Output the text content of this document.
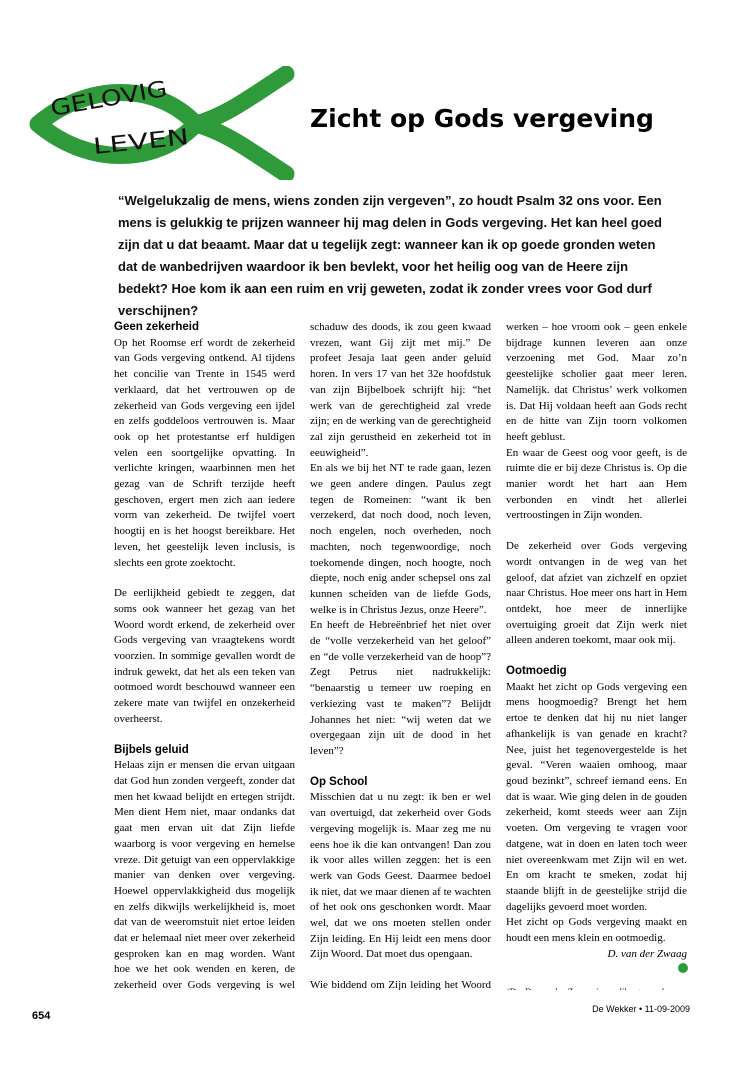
GELOVIG
LEVEN
Zicht op Gods vergeving

“Welgelukzalig de mens, wiens zonden zijn vergeven”, zo houdt Psalm 32 ons voor. Een mens is gelukkig te prijzen wanneer hij mag delen in Gods vergeving. Het kan heel goed zijn dat u dat beaamt. Maar dat u tegelijk zegt: wanneer kan ik op goede gronden weten dat de wanbedrijven waardoor ik ben bevlekt, voor het heilig oog van de Heere zijn bedekt? Hoe kom ik aan een ruim en vrij geweten, zodat ik zonder vrees voor God durf verschijnen?

Geen zekerheid

Op het Roomse erf wordt de zekerheid van Gods vergeving ontkend. Al tijdens het concilie van Trente in 1545 werd verklaard, dat het vertrouwen op de zekerheid van Gods vergeving een ijdel en zelfs goddeloos vertrouwen is. Maar ook op het protestantse erf huldigen velen een soortgelijke opvatting. In verlichte kringen, waarbinnen men het gezag van de Schrift terzijde heeft geschoven, ergert men zich aan iedere vorm van zekerheid. De twijfel voert hoogtij en is het hoogst bereikbare. Het leven, het geestelijk leven inclusis, is slechts een grote zoektocht.

De eerlijkheid gebiedt te zeggen, dat soms ook wanneer het gezag van het Woord wordt erkend, de zekerheid over Gods vergeving van vraagtekens wordt voorzien. In sommige gevallen wordt de indruk gewekt, dat het als een teken van ootmoed wordt beschouwd wanneer een zekere mate van twijfel en onzekerheid overheerst.

Bijbels geluid

Helaas zijn er mensen die ervan uitgaan dat God hun zonden vergeeft, zonder dat men het kwaad belijdt en ertegen strijdt. Men dient Hem niet, maar ondanks dat gaat men ervan uit dat Zijn liefde waarborg is voor vergeving en hemelse vreze. Dit getuigt van een oppervlakkige manier van denken over vergeving. Hoewel oppervlakkigheid dus mogelijk en zelfs dikwijls werkelijkheid is, moet dat van de weeromstuit niet ertoe leiden dat er helemaal niet meer over zekerheid gesproken kan en mag worden. Want hoe we het ook wenden en keren, de zekerheid over Gods vergeving is wel

schaduw des doods, ik zou geen kwaad vrezen, want Gij zijt met mij.” De profeet Jesaja laat geen ander geluid horen. In vers 17 van het 32e hoofdstuk van zijn Bijbelboek schrijft hij: “het werk van de gerechtigheid zal vrede zijn; en de werking van de gerechtigheid zal zijn gerustheid en zekerheid tot in eeuwigheid”.

En als we bij het NT te rade gaan, lezen we geen andere dingen. Paulus zegt tegen de Romeinen: “want ik ben verzekerd, dat noch dood, noch leven, noch engelen, noch overheden, noch machten, noch tegenwoordige, noch toekomende dingen, noch hoogte, noch diepte, noch enig ander schepsel ons zal kunnen scheiden van de liefde Gods, welke is in Christus Jezus, onze Heere”.

En heeft de Hebreënbrief het niet over de “volle verzekerheid van het geloof” en “de volle verzekerheid van de hoop”? Zegt Petrus niet nadrukkelijk: “benaarstig u temeer uw roeping en verkiezing vast te maken”? Belijdt Johannes het niet: “wij weten dat we overgegaan zijn uit de dood in het leven”?

Op School

Misschien dat u nu zegt: ik ben er wel van overtuigd, dat zekerheid over Gods vergeving mogelijk is. Maar zeg me nu eens hoe ik die kan ontvangen! Dan zou ik voor alles willen zeggen: het is een werk van Gods Geest. Daarmee bedoel ik niet, dat we maar dienen af te wachten of het ook ons geschonken wordt. Maar wel, dat we ons moeten stellen onder Zijn leiding. En Hij leidt een mens door Zijn Woord. Dat moet dus opengaan.

Wie biddend om Zijn leiding het Woord

werken – hoe vroom ook – geen enkele bijdrage kunnen leveren aan onze verzoening met God. Maar zo’n geestelijke scholier gaat meer leren. Namelijk. dat Christus’ werk volkomen is. Dat Hij voldaan heeft aan Gods recht en de hitte van Zijn toorn volkomen heeft geblust.

En waar de Geest oog voor geeft, is de ruimte die er bij deze Christus is. Op die manier wordt het hart aan Hem verbonden en vindt het allerlei vertroostingen in Zijn wonden.

De zekerheid over Gods vergeving wordt ontvangen in de weg van het geloof, dat afziet van zichzelf en opziet naar Christus. Hoe meer ons hart in Hem ontdekt, hoe meer de innerlijke overtuiging groeit dat Zijn werk niet alleen anderen toekomt, maar ook mij.

Ootmoedig

Maakt het zicht op Gods vergeving een mens hoogmoedig? Brengt het hem ertoe te denken dat hij nu niet langer afhankelijk is van genade en kracht? Nee, juist het tegenovergestelde is het geval. “Veren waaien omhoog, maar goud bezinkt”, schreef iemand eens. En dat is waar. Wie ging delen in de gouden zekerheid, komt steeds weer aan Zijn voeten. Om vergeving te vragen voor datgene, wat in doen en laten toch weer niet overeenkwam met Zijn wil en wet. En om kracht te smeken, zodat hij staande blijft in de geestelijke strijd die dagelijks gevoerd moet worden.

Het zicht op Gods vergeving maakt en houdt een mens klein en ootmoedig.

D. van der Zwaag

654
De Wekker • 11-09-2009
